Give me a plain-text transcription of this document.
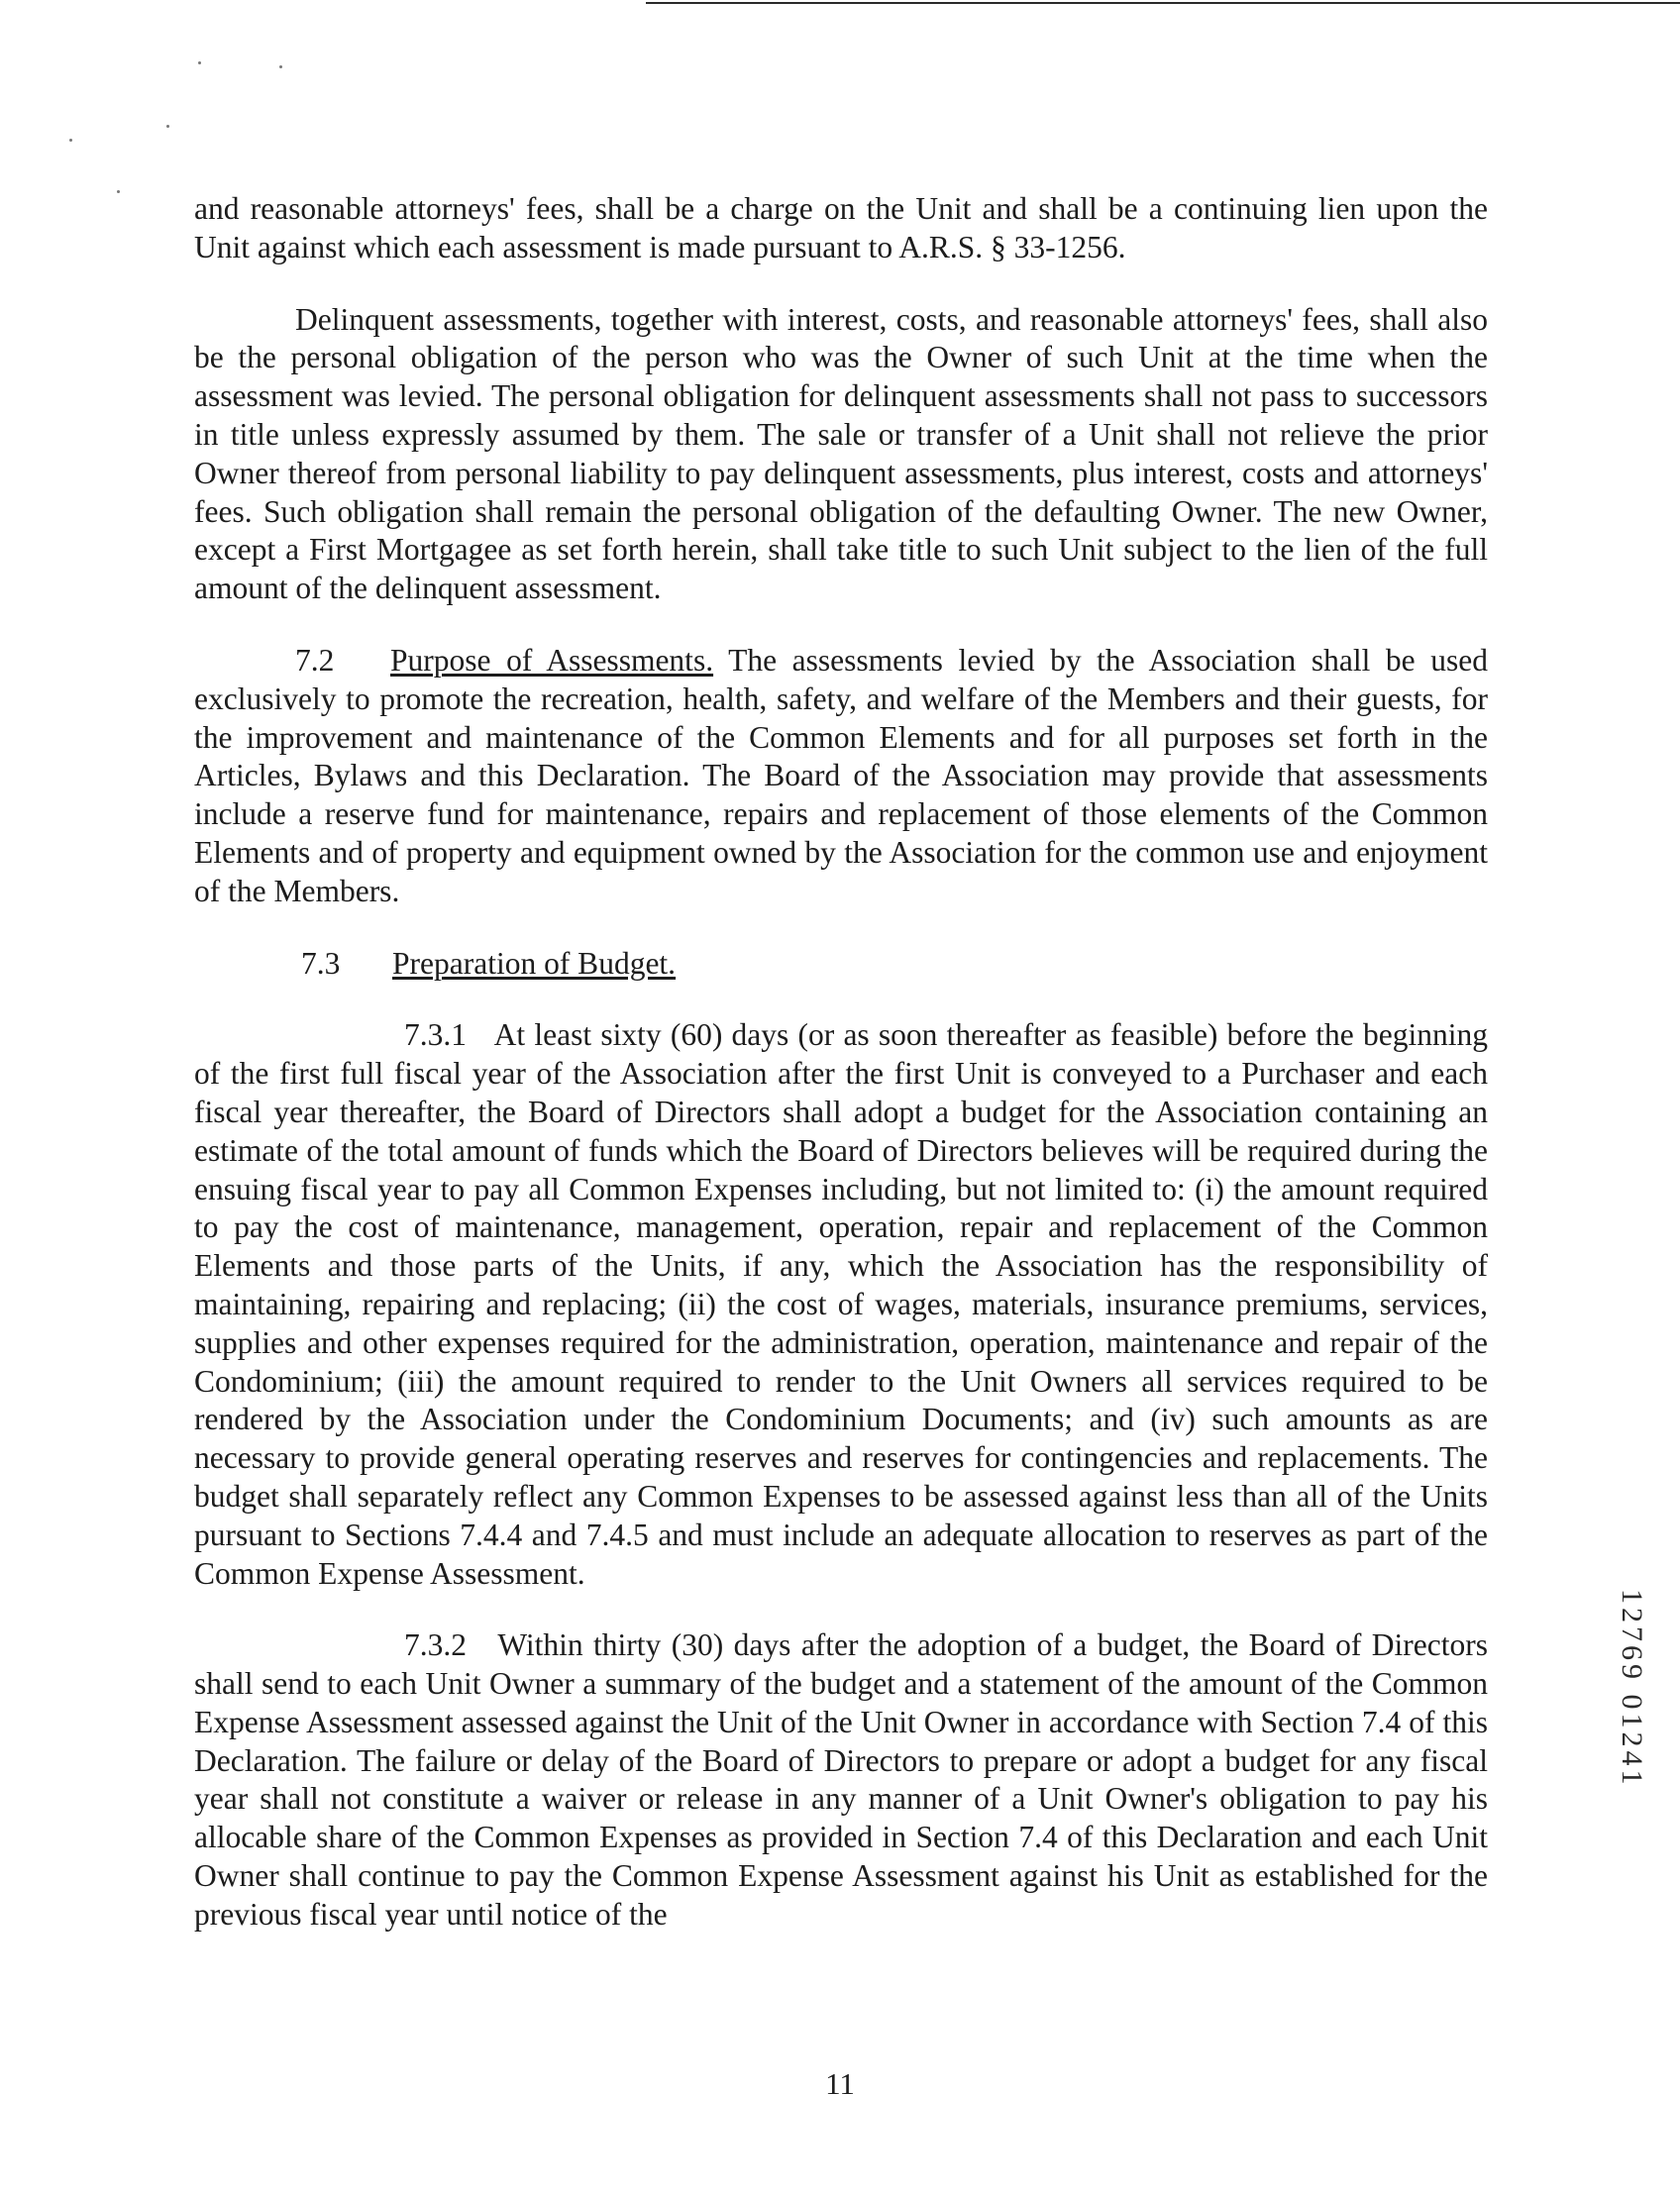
and reasonable attorneys' fees, shall be a charge on the Unit and shall be a continuing lien upon the Unit against which each assessment is made pursuant to A.R.S. § 33-1256.

Delinquent assessments, together with interest, costs, and reasonable attorneys' fees, shall also be the personal obligation of the person who was the Owner of such Unit at the time when the assessment was levied. The personal obligation for delinquent assessments shall not pass to successors in title unless expressly assumed by them. The sale or transfer of a Unit shall not relieve the prior Owner thereof from personal liability to pay delinquent assessments, plus interest, costs and attorneys' fees. Such obligation shall remain the personal obligation of the defaulting Owner. The new Owner, except a First Mortgagee as set forth herein, shall take title to such Unit subject to the lien of the full amount of the delinquent assessment.

7.2 Purpose of Assessments. The assessments levied by the Association shall be used exclusively to promote the recreation, health, safety, and welfare of the Members and their guests, for the improvement and maintenance of the Common Elements and for all purposes set forth in the Articles, Bylaws and this Declaration. The Board of the Association may provide that assessments include a reserve fund for maintenance, repairs and replacement of those elements of the Common Elements and of property and equipment owned by the Association for the common use and enjoyment of the Members.

7.3 Preparation of Budget.

7.3.1 At least sixty (60) days (or as soon thereafter as feasible) before the beginning of the first full fiscal year of the Association after the first Unit is conveyed to a Purchaser and each fiscal year thereafter, the Board of Directors shall adopt a budget for the Association containing an estimate of the total amount of funds which the Board of Directors believes will be required during the ensuing fiscal year to pay all Common Expenses including, but not limited to: (i) the amount required to pay the cost of maintenance, management, operation, repair and replacement of the Common Elements and those parts of the Units, if any, which the Association has the responsibility of maintaining, repairing and replacing; (ii) the cost of wages, materials, insurance premiums, services, supplies and other expenses required for the administration, operation, maintenance and repair of the Condominium; (iii) the amount required to render to the Unit Owners all services required to be rendered by the Association under the Condominium Documents; and (iv) such amounts as are necessary to provide general operating reserves and reserves for contingencies and replacements. The budget shall separately reflect any Common Expenses to be assessed against less than all of the Units pursuant to Sections 7.4.4 and 7.4.5 and must include an adequate allocation to reserves as part of the Common Expense Assessment.

7.3.2 Within thirty (30) days after the adoption of a budget, the Board of Directors shall send to each Unit Owner a summary of the budget and a statement of the amount of the Common Expense Assessment assessed against the Unit of the Unit Owner in accordance with Section 7.4 of this Declaration. The failure or delay of the Board of Directors to prepare or adopt a budget for any fiscal year shall not constitute a waiver or release in any manner of a Unit Owner's obligation to pay his allocable share of the Common Expenses as provided in Section 7.4 of this Declaration and each Unit Owner shall continue to pay the Common Expense Assessment against his Unit as established for the previous fiscal year until notice of the

12769 01241
11
